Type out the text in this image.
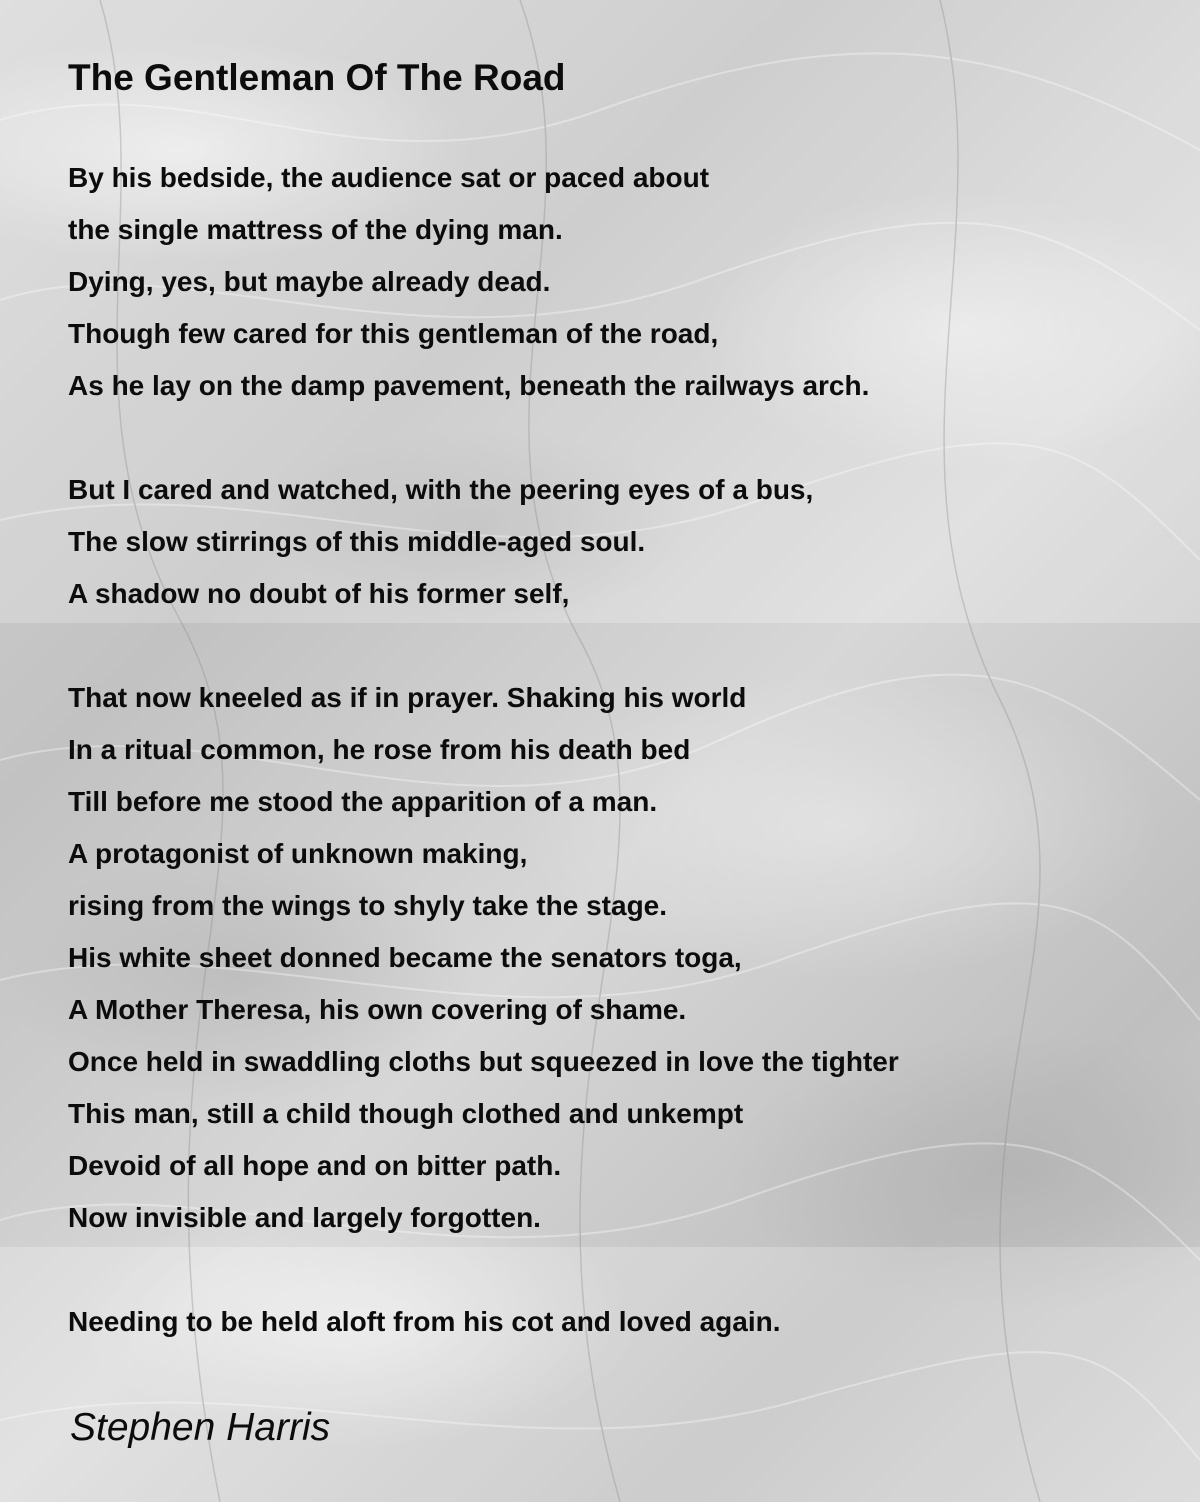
The Gentleman Of The Road
By his bedside, the audience sat or paced about
the single mattress of the dying man.
Dying, yes, but maybe already dead.
Though few cared for this gentleman of the road,
As he lay on the damp pavement, beneath the railways arch.
But I cared and watched, with the peering eyes of a bus,
The slow stirrings of this middle-aged soul.
A shadow no doubt of his former self,
That now kneeled as if in prayer. Shaking his world
In a ritual common, he rose from his death bed
Till before me stood the apparition of a man.
A protagonist of unknown making,
rising from the wings to shyly take the stage.
His white sheet donned became the senators toga,
A Mother Theresa, his own covering of shame.
Once held in swaddling cloths but squeezed in love the tighter
This man, still a child though clothed and unkempt
Devoid of all hope and on bitter path.
Now invisible and largely forgotten.
Needing to be held aloft from his cot and loved again.
Stephen Harris
